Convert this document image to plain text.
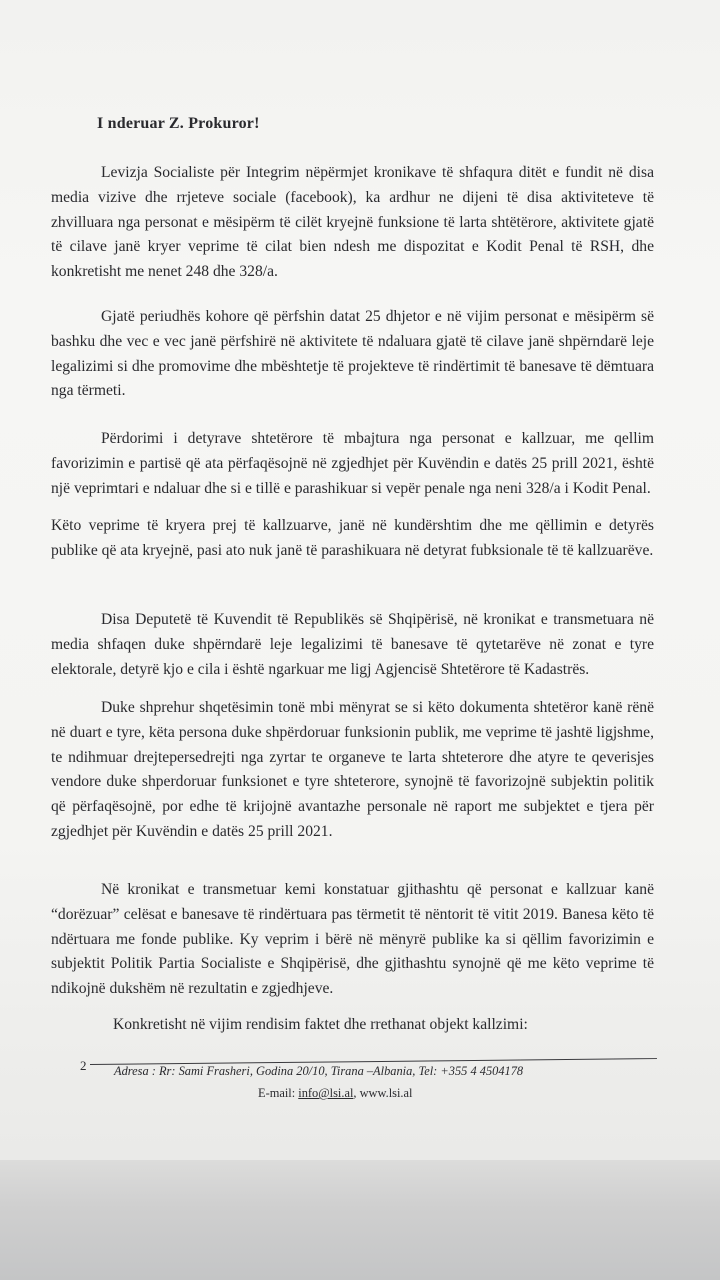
I nderuar Z. Prokuror!

Levizja Socialiste për Integrim nëpërmjet kronikave të shfaqura ditët e fundit në disa media vizive dhe rrjeteve sociale (facebook), ka ardhur ne dijeni të disa aktiviteteve të zhvilluara nga personat e mësipërm të cilët kryejnë funksione të larta shtëtërore, aktivitete gjatë të cilave janë kryer veprime të cilat bien ndesh me dispozitat e Kodit Penal të RSH, dhe konkretisht me nenet 248 dhe 328/a.

Gjatë periudhës kohore që përfshin datat 25 dhjetor e në vijim personat e mësipërm së bashku dhe vec e vec janë përfshirë në aktivitete të ndaluara gjatë të cilave janë shpërndarë leje legalizimi si dhe promovime dhe mbështetje të projekteve të rindërtimit të banesave të dëmtuara nga tërmeti.

Përdorimi i detyrave shtetërore të mbajtura nga personat e kallzuar, me qellim favorizimin e partisë që ata përfaqësojnë në zgjedhjet për Kuvëndin e datës 25 prill 2021, është një veprimtari e ndaluar dhe si e tillë e parashikuar si vepër penale nga neni 328/a i Kodit Penal.

Këto veprime të kryera prej të kallzuarve, janë në kundërshtim dhe me qëllimin e detyrës publike që ata kryejnë, pasi ato nuk janë të parashikuara në detyrat fubksionale të të kallzuarëve.

Disa Deputetë të Kuvendit të Republikës së Shqipërisë, në kronikat e transmetuara në media shfaqen duke shpërndarë leje legalizimi të banesave të qytetarëve në zonat e tyre elektorale, detyrë kjo e cila i është ngarkuar me ligj Agjencisë Shtetërore të Kadastrës.

Duke shprehur shqetësimin tonë mbi mënyrat se si këto dokumenta shtetëror kanë rënë në duart e tyre, këta persona duke shpërdoruar funksionin publik, me veprime të jashtë ligjshme, te ndihmuar drejtepersedrejti nga zyrtar te organeve te larta shteterore dhe atyre te qeverisjes vendore duke shperdoruar funksionet e tyre shteterore, synojnë të favorizojnë subjektin politik që përfaqësojnë, por edhe të krijojnë avantazhe personale në raport me subjektet e tjera për zgjedhjet për Kuvëndin e datës 25 prill 2021.

Në kronikat e transmetuar kemi konstatuar gjithashtu që personat e kallzuar kanë “dorëzuar” celësat e banesave të rindërtuara pas tërmetit të nëntorit të vitit 2019. Banesa këto të ndërtuara me fonde publike. Ky veprim i bërë në mënyrë publike ka si qëllim favorizimin e subjektit Politik Partia Socialiste e Shqipërisë, dhe gjithashtu synojnë që me këto veprime të ndikojnë dukshëm në rezultatin e zgjedhjeve.

Konkretisht në vijim rendisim faktet dhe rrethanat objekt kallzimi:

2 Adresa : Rr: Sami Frasheri, Godina 20/10, Tirana –Albania, Tel: +355 4 4504178
E-mail: info@lsi.al, www.lsi.al
